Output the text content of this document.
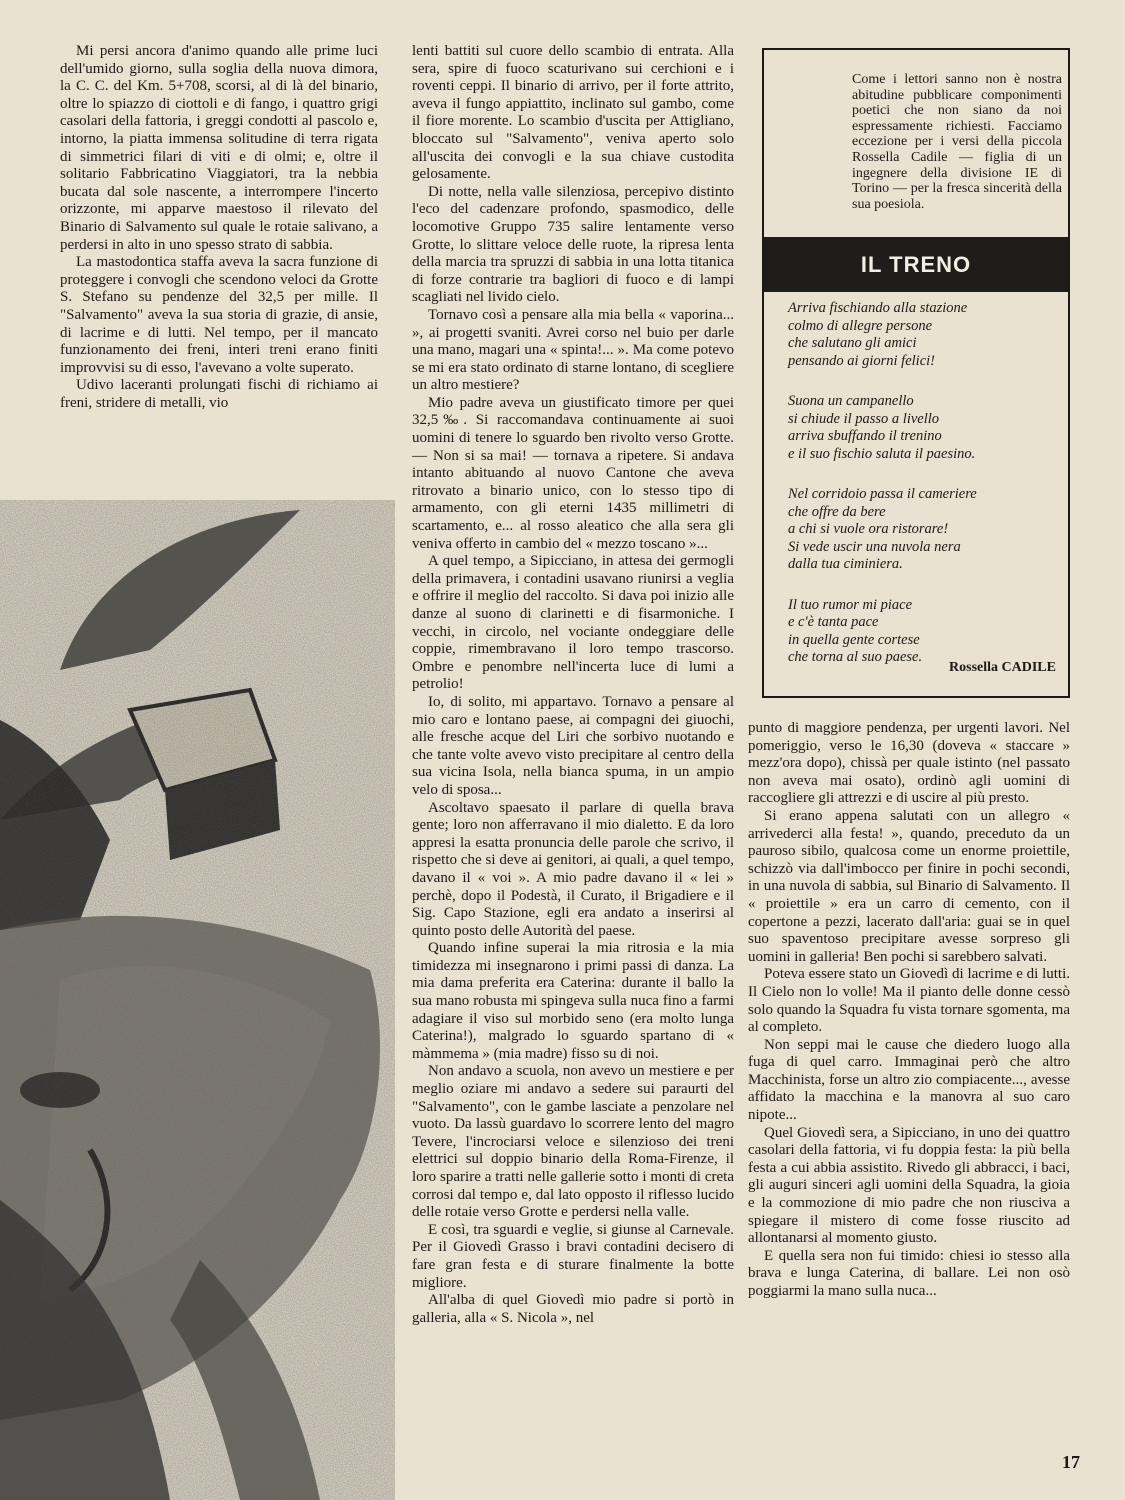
Mi persi ancora d'animo quando alle prime luci dell'umido giorno, sulla soglia della nuova dimora, la C. C. del Km. 5+708, scorsi, al di là del binario, oltre lo spiazzo di ciottoli e di fango, i quattro grigi casolari della fattoria, i greggi condotti al pascolo e, intorno, la piatta immensa solitudine di terra rigata di simmetrici filari di viti e di olmi; e, oltre il solitario Fabbricatino Viaggiatori, tra la nebbia bucata dal sole nascente, a interrompere l'incerto orizzonte, mi apparve maestoso il rilevato del Binario di Salvamento sul quale le rotaie salivano, a perdersi in alto in uno spesso strato di sabbia.

La mastodontica staffa aveva la sacra funzione di proteggere i convogli che scendono veloci da Grotte S. Stefano su pendenze del 32,5 per mille. Il "Salvamento" aveva la sua storia di grazie, di ansie, di lacrime e di lutti. Nel tempo, per il mancato funzionamento dei freni, interi treni erano finiti improvvisi su di esso, l'avevano a volte superato.

Udivo laceranti prolungati fischi di richiamo ai freni, stridere di metalli, vio

lenti battiti sul cuore dello scambio di entrata. Alla sera, spire di fuoco scaturivano sui cerchioni e i roventi ceppi. Il binario di arrivo, per il forte attrito, aveva il fungo appiattito, inclinato sul gambo, come il fiore morente. Lo scambio d'uscita per Attigliano, bloccato sul "Salvamento", veniva aperto solo all'uscita dei convogli e la sua chiave custodita gelosamente.

Di notte, nella valle silenziosa, percepivo distinto l'eco del cadenzare profondo, spasmodico, delle locomotive Gruppo 735 salire lentamente verso Grotte, lo slittare veloce delle ruote, la ripresa lenta della marcia tra spruzzi di sabbia in una lotta titanica di forze contrarie tra bagliori di fuoco e di lampi scagliati nel livido cielo.

Tornavo così a pensare alla mia bella « vaporina... », ai progetti svaniti. Avrei corso nel buio per darle una mano, magari una « spinta!... ». Ma come potevo se mi era stato ordinato di starne lontano, di scegliere un altro mestiere?

Mio padre aveva un giustificato timore per quei 32,5‰. Si raccomandava continuamente ai suoi uomini di tenere lo sguardo ben rivolto verso Grotte. — Non si sa mai! — tornava a ripetere. Si andava intanto abituando al nuovo Cantone che aveva ritrovato a binario unico, con lo stesso tipo di armamento, con gli eterni 1435 millimetri di scartamento, e... al rosso aleatico che alla sera gli veniva offerto in cambio del « mezzo toscano »...

A quel tempo, a Sipicciano, in attesa dei germogli della primavera, i contadini usavano riunirsi a veglia e offrire il meglio del raccolto. Si dava poi inizio alle danze al suono di clarinetti e di fisarmoniche. I vecchi, in circolo, nel vociante ondeggiare delle coppie, rimembravano il loro tempo trascorso. Ombre e penombre nell'incerta luce di lumi a petrolio!

Io, di solito, mi appartavo. Tornavo a pensare al mio caro e lontano paese, ai compagni dei giuochi, alle fresche acque del Liri che sorbivo nuotando e che tante volte avevo visto precipitare al centro della sua vicina Isola, nella bianca spuma, in un ampio velo di sposa...

Ascoltavo spaesato il parlare di quella brava gente; loro non afferravano il mio dialetto. E da loro appresi la esatta pronuncia delle parole che scrivo, il rispetto che si deve ai genitori, ai quali, a quel tempo, davano il « voi ». A mio padre davano il « lei » perchè, dopo il Podestà, il Curato, il Brigadiere e il Sig. Capo Stazione, egli era andato a inserirsi al quinto posto delle Autorità del paese.

Quando infine superai la mia ritrosia e la mia timidezza mi insegnarono i primi passi di danza. La mia dama preferita era Caterina: durante il ballo la sua mano robusta mi spingeva sulla nuca fino a farmi adagiare il viso sul morbido seno (era molto lunga Caterina!), malgrado lo sguardo spartano di « màmmema » (mia madre) fisso su di noi.

Non andavo a scuola, non avevo un mestiere e per meglio oziare mi andavo a sedere sui paraurti del "Salvamento", con le gambe lasciate a penzolare nel vuoto. Da lassù guardavo lo scorrere lento del magro Tevere, l'incrociarsi veloce e silenzioso dei treni elettrici sul doppio binario della Roma-Firenze, il loro sparire a tratti nelle gallerie sotto i monti di creta corrosi dal tempo e, dal lato opposto il riflesso lucido delle rotaie verso Grotte e perdersi nella valle.

E così, tra sguardi e veglie, si giunse al Carnevale. Per il Giovedì Grasso i bravi contadini decisero di fare gran festa e di sturare finalmente la botte migliore.

All'alba di quel Giovedì mio padre si portò in galleria, alla « S. Nicola », nel

Come i lettori sanno non è nostra abitudine pubblicare componimenti poetici che non siano da noi espressamente richiesti. Facciamo eccezione per i versi della piccola Rossella Cadile — figlia di un ingegnere della divisione IE di Torino — per la fresca sincerità della sua poesiola.
IL TRENO
Arriva fischiando alla stazione
colmo di allegre persone
che salutano gli amici
pensando ai giorni felici!
Suona un campanello
si chiude il passo a livello
arriva sbuffando il trenino
e il suo fischio saluta il paesino.
Nel corridoio passa il cameriere
che offre da bere
a chi si vuole ora ristorare!
Si vede uscir una nuvola nera
dalla tua ciminiera.
Il tuo rumor mi piace
e c'è tanta pace
in quella gente cortese
che torna al suo paese.
Rossella CADILE

punto di maggiore pendenza, per urgenti lavori. Nel pomeriggio, verso le 16,30 (doveva « staccare » mezz'ora dopo), chissà per quale istinto (nel passato non aveva mai osato), ordinò agli uomini di raccogliere gli attrezzi e di uscire al più presto.

Si erano appena salutati con un allegro « arrivederci alla festa! », quando, preceduto da un pauroso sibilo, qualcosa come un enorme proiettile, schizzò via dall'imbocco per finire in pochi secondi, in una nuvola di sabbia, sul Binario di Salvamento. Il « proiettile » era un carro di cemento, con il copertone a pezzi, lacerato dall'aria: guai se in quel suo spaventoso precipitare avesse sorpreso gli uomini in galleria! Ben pochi si sarebbero salvati.

Poteva essere stato un Giovedì di lacrime e di lutti. Il Cielo non lo volle! Ma il pianto delle donne cessò solo quando la Squadra fu vista tornare sgomenta, ma al completo.

Non seppi mai le cause che diedero luogo alla fuga di quel carro. Immaginai però che altro Macchinista, forse un altro zio compiacente..., avesse affidato la macchina e la manovra al suo caro nipote...

Quel Giovedì sera, a Sipicciano, in uno dei quattro casolari della fattoria, vi fu doppia festa: la più bella festa a cui abbia assistito. Rivedo gli abbracci, i baci, gli auguri sinceri agli uomini della Squadra, la gioia e la commozione di mio padre che non riusciva a spiegare il mistero di come fosse riuscito ad allontanarsi al momento giusto.

E quella sera non fui timido: chiesi io stesso alla brava e lunga Caterina, di ballare. Lei non osò poggiarmi la mano sulla nuca...

17
